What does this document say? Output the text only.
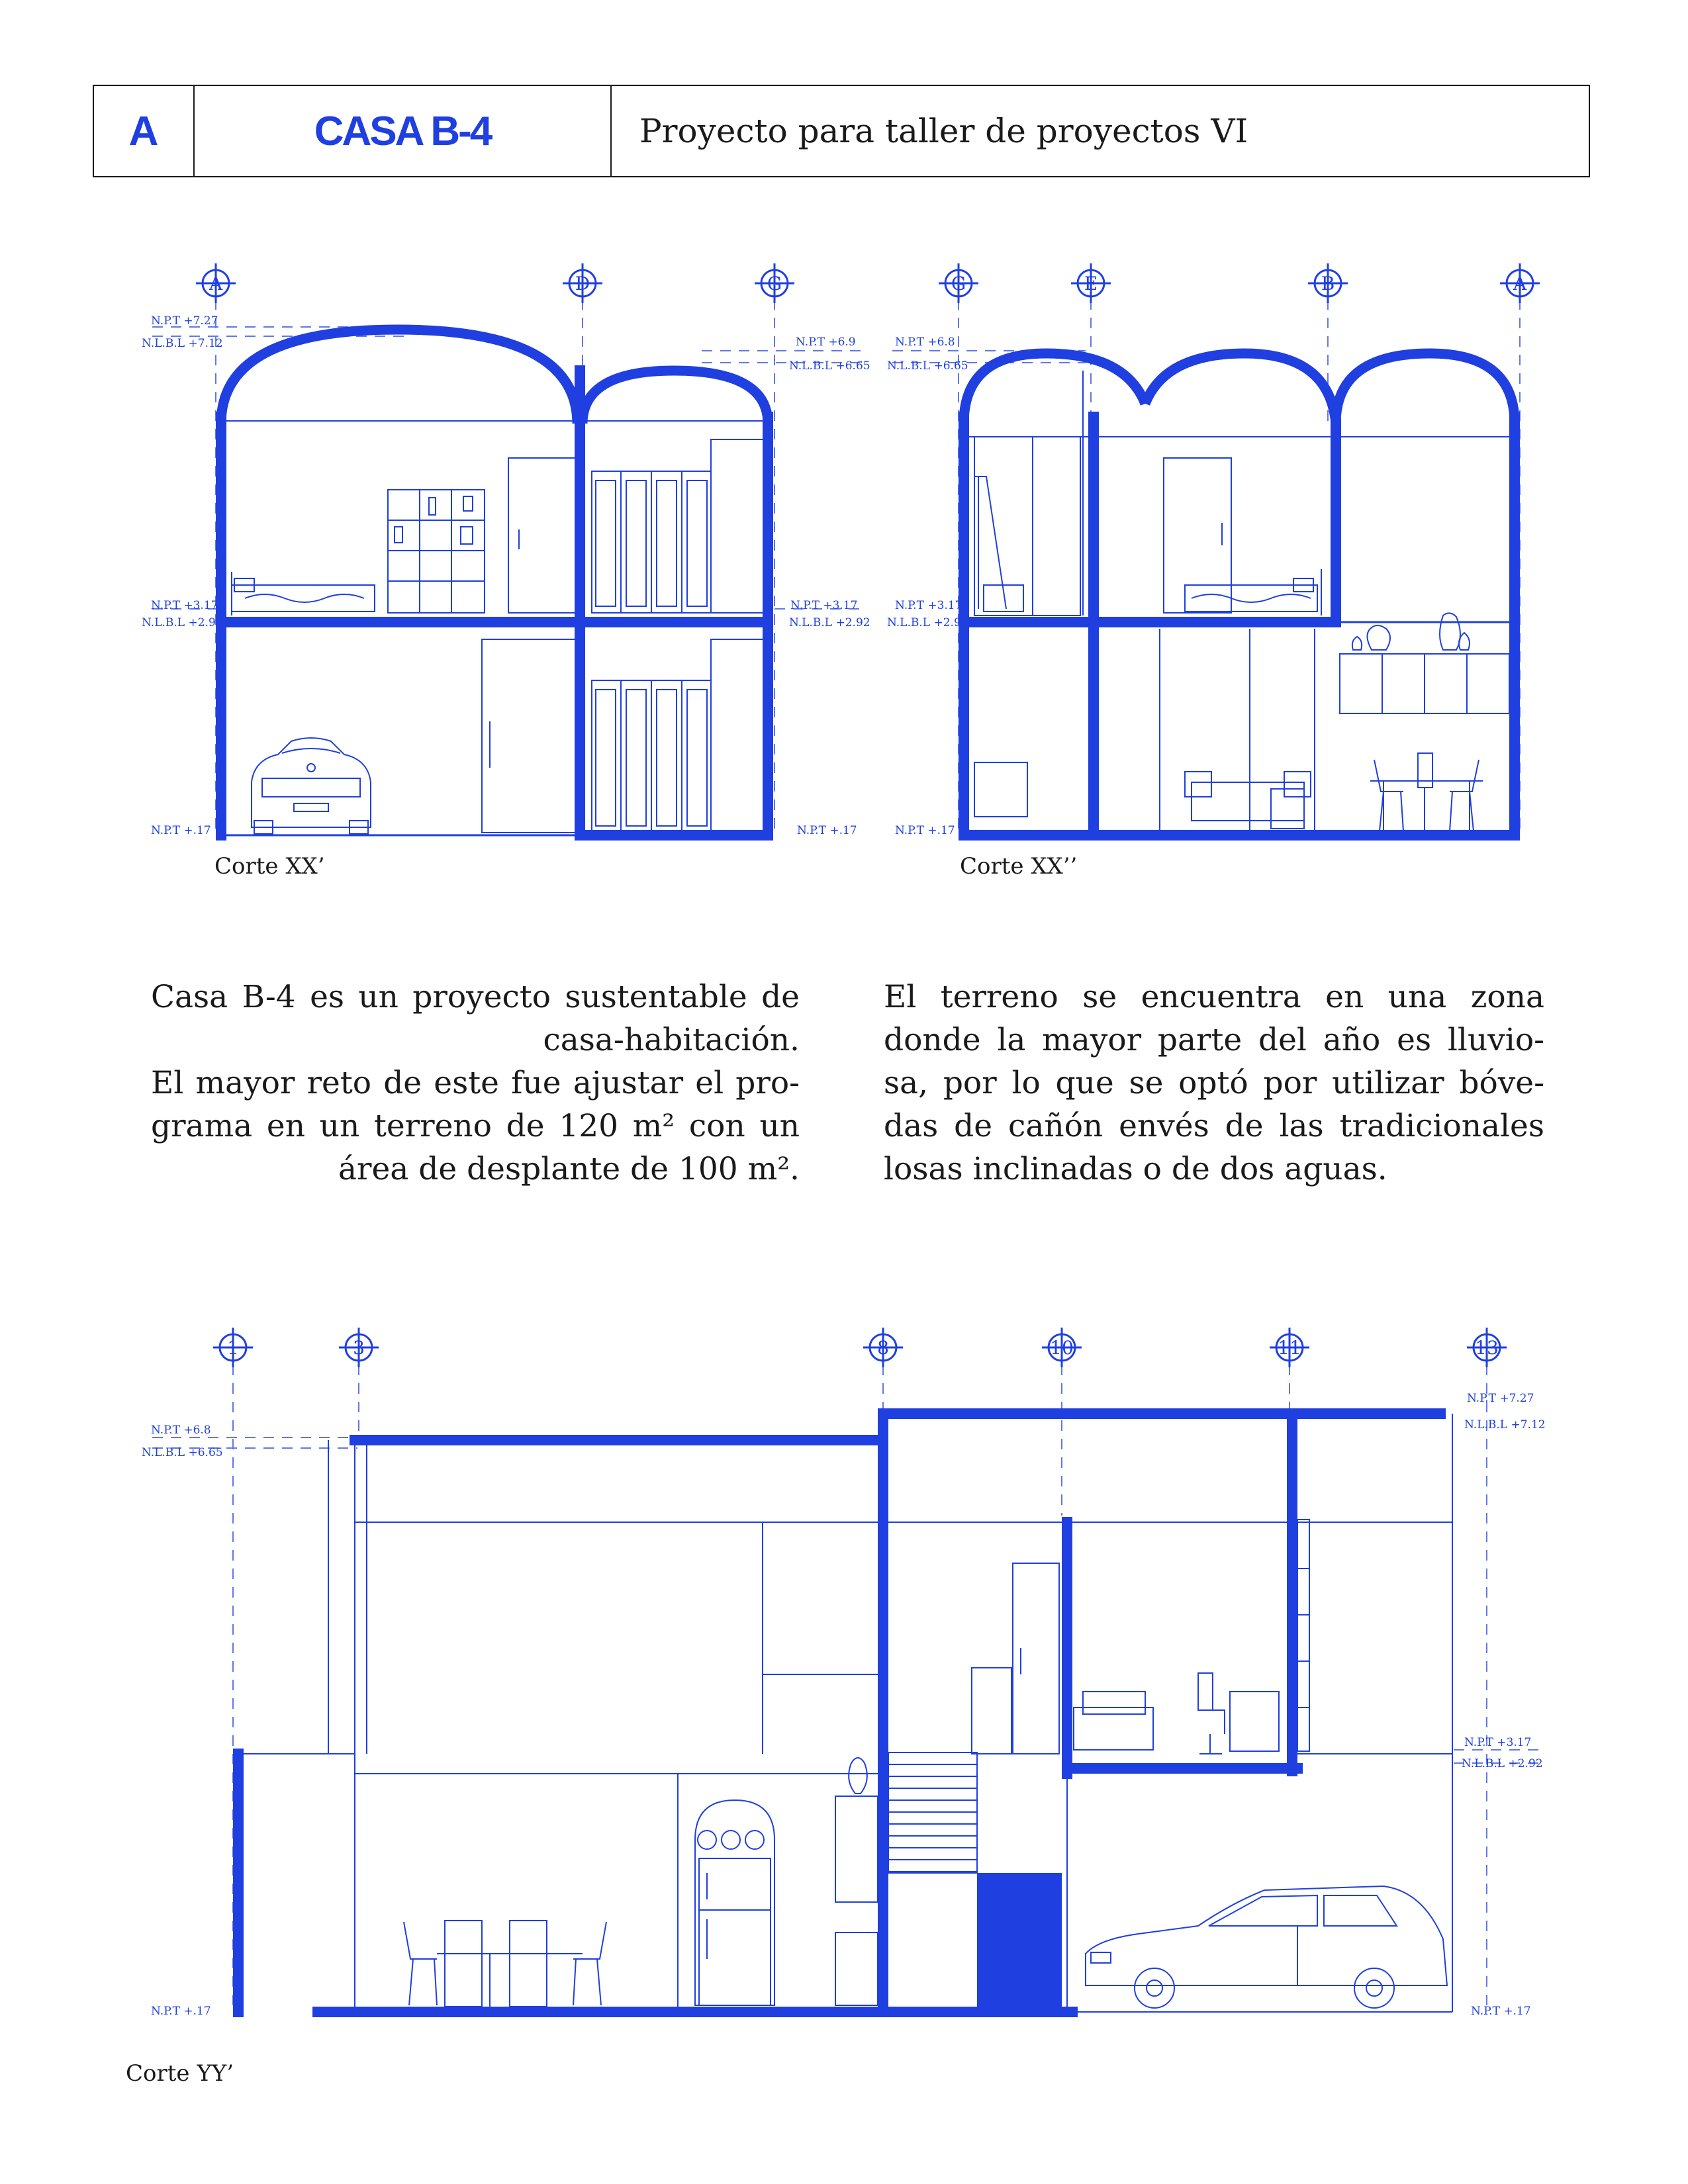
A	CASA B-4	Proyecto para taller de proyectos VI
N.P.T +7.27
N.L.B.L +7.12	N.P.T +6.9
N.L.B.L +6.65
N.P.T +3.17
N.L.B.L +2.9
N.P.T +3.17
N.L.B.L +2.92
N.P.T +.17	N.P.T +.17
N.P.T +6.8
N.L.B.L +6.65
N.P.T +3.17
N.L.B.L +2.9
N.P.T +.17
N.P.T +6.8
N.L.B.L +6.65
N.P.T +.17
N.P.T +7.27
N.L.B.L +7.12
N.P.T +3.17
N.L.B.L +2.92
N.P.T +.17
A	D	G	G	E	B	A
1	3	8	10	11	13
Corte XX’	Corte XX’’
Corte YY’

Casa B-4 es un proyecto sustentable de
casa-habitación.
El mayor reto de este fue ajustar el pro-
grama en un terreno de 120 m² con un
área de desplante de 100 m².

El terreno se encuentra en una zona
donde la mayor parte del año es lluvio-
sa, por lo que se optó por utilizar bóve-
das de cañón envés de las tradicionales
losas inclinadas o de dos aguas.
